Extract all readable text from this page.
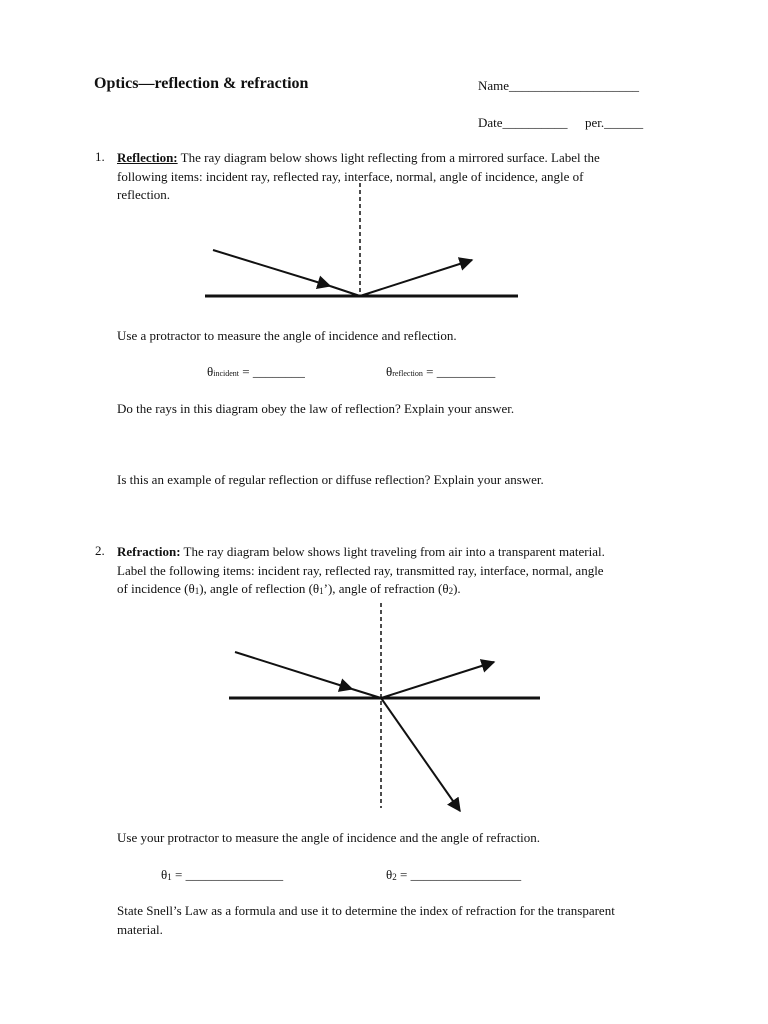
Optics—reflection & refraction	Name____________________
Date__________ per.______
1. Reflection: The ray diagram below shows light reflecting from a mirrored surface. Label the
following items: incident ray, reflected ray, interface, normal, angle of incidence, angle of
reflection.
Use a protractor to measure the angle of incidence and reflection.
θincident = ________	θreflection = _________
Do the rays in this diagram obey the law of reflection? Explain your answer.
Is this an example of regular reflection or diffuse reflection? Explain your answer.
2. Refraction: The ray diagram below shows light traveling from air into a transparent material.
Label the following items: incident ray, reflected ray, transmitted ray, interface, normal, angle
of incidence (θ1), angle of reflection (θ1’), angle of refraction (θ2).
Use your protractor to measure the angle of incidence and the angle of refraction.
θ1 = _______________	θ2 = _________________
State Snell’s Law as a formula and use it to determine the index of refraction for the transparent
material.
